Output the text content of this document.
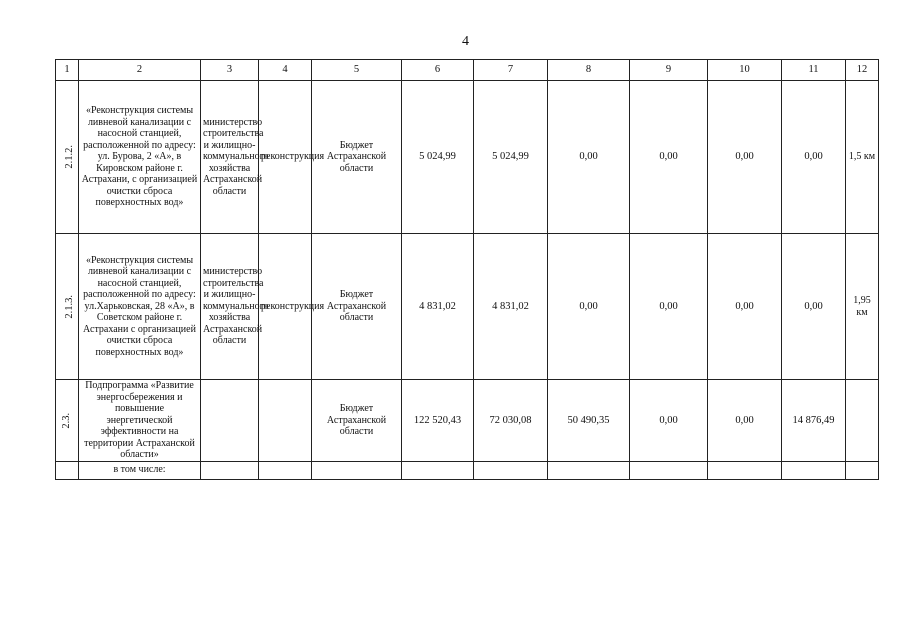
4
1	2	3	4	5	6	7	8	9	10	11	12
2.1.2.	«Реконструкция системы ливневой канализации с насосной станцией, расположенной по адресу: ул. Бурова, 2 «А», в Кировском районе г. Астрахани, с организацией очистки сброса поверхностных вод»	министерство строительства и жилищно-коммунального хозяйства Астраханской области	реконструкция	Бюджет Астраханской области	5 024,99	5 024,99	0,00	0,00	0,00	0,00	1,5 км
2.1.3.	«Реконструкция системы ливневой канализации с насосной станцией, расположенной по адресу: ул.Харьковская, 28 «А», в Советском районе г. Астрахани с организацией очистки сброса поверхностных вод»	министерство строительства и жилищно-коммунального хозяйства Астраханской области	реконструкция	Бюджет Астраханской области	4 831,02	4 831,02	0,00	0,00	0,00	0,00	1,95 км
2.3.	Подпрограмма «Развитие энергосбережения и повышение энергетической эффективности на территории Астраханской области»			Бюджет Астраханской области	122 520,43	72 030,08	50 490,35	0,00	0,00	14 876,49	
	в том числе:										
